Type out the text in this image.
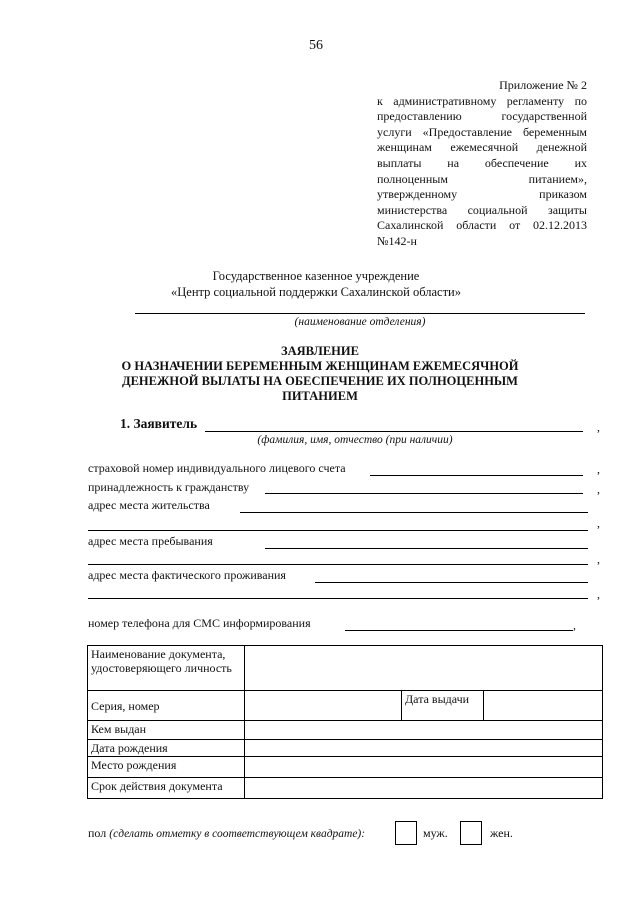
56
Приложение № 2
к административному регламенту по
предоставлению государственной
услуги «Предоставление беременным
женщинам ежемесячной денежной
выплаты на обеспечение их
полноценным питанием»,
утвержденному приказом
министерства социальной защиты
Сахалинской области от 02.12.2013
№142-н
Государственное казенное учреждение
«Центр социальной поддержки Сахалинской области»
(наименование отделения)
ЗАЯВЛЕНИЕ
О НАЗНАЧЕНИИ БЕРЕМЕННЫМ ЖЕНЩИНАМ ЕЖЕМЕСЯЧНОЙ
ДЕНЕЖНОЙ ВЫЛАТЫ НА ОБЕСПЕЧЕНИЕ ИХ ПОЛНОЦЕННЫМ
ПИТАНИЕМ
1. Заявитель	,
(фамилия, имя, отчество (при наличии)
страховой номер индивидуального лицевого счета	,
принадлежность к гражданству	,
адрес места жительства
,
адрес места пребывания
,
адрес места фактического проживания
,
номер телефона для СМС информирования	,
Наименование документа, удостоверяющего личность			
Серия, номер		Дата выдачи	
Кем выдан			
Дата рождения			
Место рождения			
Срок действия документа			
пол (сделать отметку в соответствующем квадрате):	муж.	жен.
